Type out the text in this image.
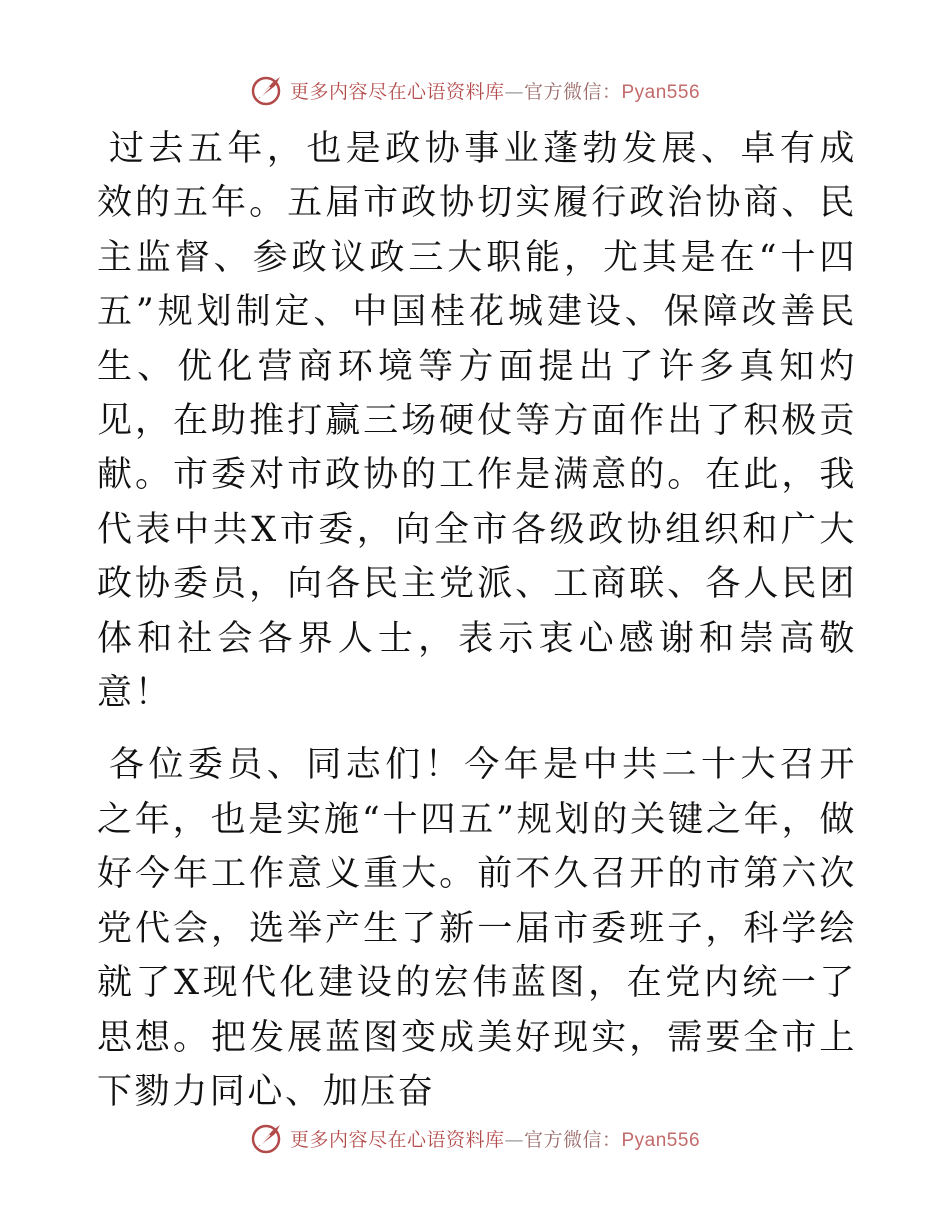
更多内容尽在心语资料库—官方微信：Pyan556

过去五年，也是政协事业蓬勃发展、卓有成效的五年。五届市政协切实履行政治协商、民主监督、参政议政三大职能，尤其是在“十四五”规划制定、中国桂花城建设、保障改善民生、优化营商环境等方面提出了许多真知灼见，在助推打赢三场硬仗等方面作出了积极贡献。市委对市政协的工作是满意的。在此，我代表中共X市委，向全市各级政协组织和广大政协委员，向各民主党派、工商联、各人民团体和社会各界人士，表示衷心感谢和崇高敬意！

各位委员、同志们！今年是中共二十大召开之年，也是实施“十四五”规划的关键之年，做好今年工作意义重大。前不久召开的市第六次党代会，选举产生了新一届市委班子，科学绘就了X现代化建设的宏伟蓝图，在党内统一了思想。把发展蓝图变成美好现实，需要全市上下勠力同心、加压奋

更多内容尽在心语资料库—官方微信：Pyan556
